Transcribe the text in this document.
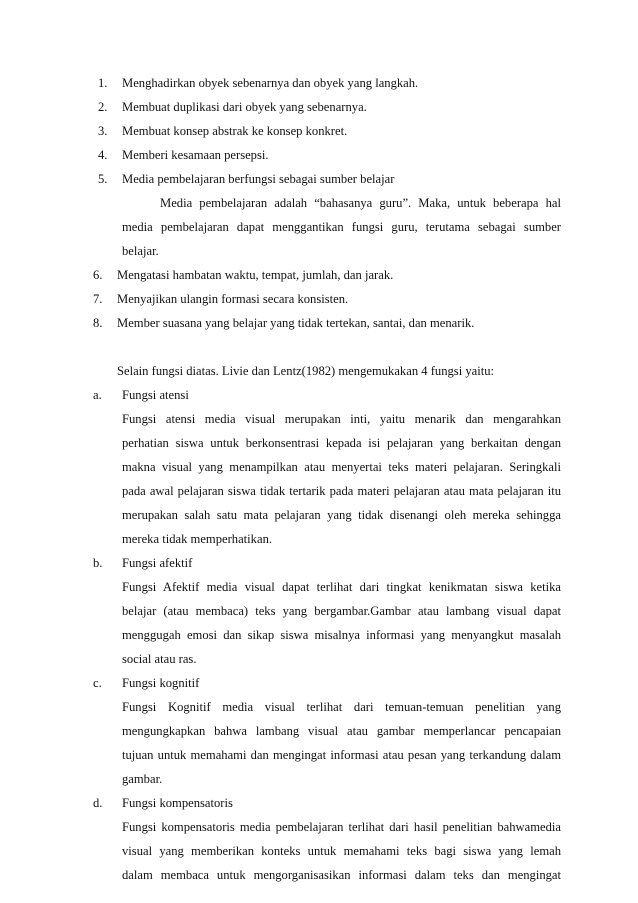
1. Menghadirkan obyek sebenarnya dan obyek yang langkah.
2. Membuat duplikasi dari obyek yang sebenarnya.
3. Membuat konsep abstrak ke konsep konkret.
4. Memberi kesamaan persepsi.
5. Media pembelajaran berfungsi sebagai sumber belajar
Media pembelajaran adalah “bahasanya guru”. Maka, untuk beberapa hal
media pembelajaran dapat menggantikan fungsi guru, terutama sebagai sumber
belajar.
6. Mengatasi hambatan waktu, tempat, jumlah, dan jarak.
7. Menyajikan ulangin formasi secara konsisten.
8. Member suasana yang belajar yang tidak tertekan, santai, dan menarik.
Selain fungsi diatas. Livie dan Lentz(1982) mengemukakan 4 fungsi yaitu:
a. Fungsi atensi
Fungsi atensi media visual merupakan inti, yaitu menarik dan mengarahkan
perhatian siswa untuk berkonsentrasi kepada isi pelajaran yang berkaitan dengan
makna visual yang menampilkan atau menyertai teks materi pelajaran. Seringkali
pada awal pelajaran siswa tidak tertarik pada materi pelajaran atau mata pelajaran itu
merupakan salah satu mata pelajaran yang tidak disenangi oleh mereka sehingga
mereka tidak memperhatikan.
b. Fungsi afektif
Fungsi Afektif media visual dapat terlihat dari tingkat kenikmatan siswa ketika
belajar (atau membaca) teks yang bergambar.Gambar atau lambang visual dapat
menggugah emosi dan sikap siswa misalnya informasi yang menyangkut masalah
social atau ras.
c. Fungsi kognitif
Fungsi Kognitif media visual terlihat dari temuan-temuan penelitian yang
mengungkapkan bahwa lambang visual atau gambar memperlancar pencapaian
tujuan untuk memahami dan mengingat informasi atau pesan yang terkandung dalam
gambar.
d. Fungsi kompensatoris
Fungsi kompensatoris media pembelajaran terlihat dari hasil penelitian bahwamedia
visual yang memberikan konteks untuk memahami teks bagi siswa yang lemah
dalam membaca untuk mengorganisasikan informasi dalam teks dan mengingat
